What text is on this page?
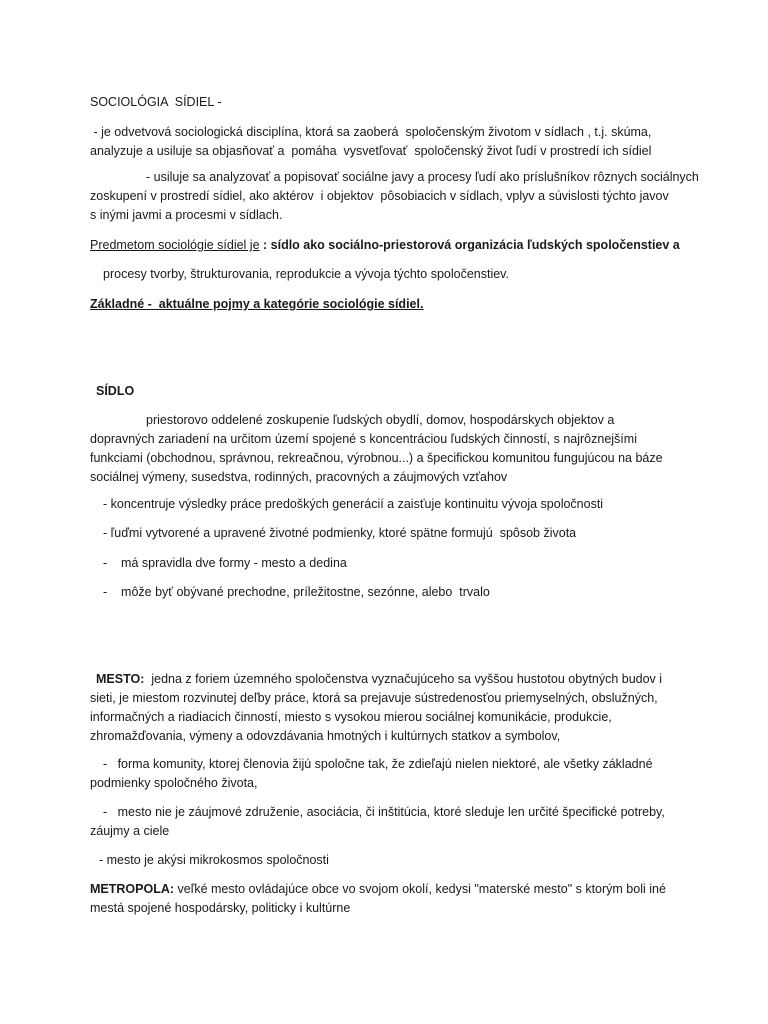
SOCIOLÓGIA  SÍDIEL -
- je odvetvová sociologická disciplína, ktorá sa zaoberá  spoločenským životom v sídlach , t.j. skúma,
analyzuje a usiluje sa objasňovať a  pomáha  vysvetľovať  spoločenský život ľudí v prostredí ich sídiel
- usiluje sa analyzovať a popisovať sociálne javy a procesy ľudí ako príslušníkov rôznych sociálnych
zoskupení v prostredí sídiel, ako aktérov  i objektov  pôsobiacich v sídlach, vplyv a súvislosti týchto javov
s inými javmi a procesmi v sídlach.
Predmetom sociológie sídiel je : sídlo ako sociálno-priestorová organizácia ľudských spoločenstiev a
procesy tvorby, štrukturovania, reprodukcie a vývoja týchto spoločenstiev.
Základné -  aktuálne pojmy a kategórie sociológie sídiel.
SÍDLO
priestorovo oddelené zoskupenie ľudských obydlí, domov, hospodárskych objektov a
dopravných zariadení na určitom území spojené s koncentráciou ľudských činností, s najrôznejšími
funkciami (obchodnou, správnou, rekreačnou, výrobnou...) a špecifickou komunitou fungujúcou na báze
sociálnej výmeny, susedstva, rodinných, pracovných a záujmových vzťahov
- koncentruje výsledky práce predoškých generácií a zaisťuje kontinuitu vývoja spoločnosti
- ľuďmi vytvorené a upravené životné podmienky, ktoré spätne formujú  spôsob života
-    má spravidla dve formy - mesto a dedina
-    môže byť obývané prechodne, príležitostne, sezónne, alebo  trvalo
MESTO:  jedna z foriem územného spoločenstva vyznačujúceho sa vyššou hustotou obytných budov i
sieti, je miestom rozvinutej deľby práce, ktorá sa prejavuje sústredenosťou priemyselných, obslužných,
informačných a riadiacich činností, miesto s vysokou mierou sociálnej komunikácie, produkcie,
zhromažďovania, výmeny a odovzdávania hmotných i kultúrnych statkov a symbolov,
-   forma komunity, ktorej členovia žijú spoločne tak, že zdieľajú nielen niektoré, ale všetky základné
podmienky spoločného života,
-   mesto nie je záujmové združenie, asociácia, či inštitúcia, ktoré sleduje len určité špecifické potreby,
záujmy a ciele
- mesto je akýsi mikrokosmos spoločnosti
METROPOLA: veľké mesto ovládajúce obce vo svojom okolí, kedysi "materské mesto" s ktorým boli iné
mestá spojené hospodársky, politicky i kultúrne
